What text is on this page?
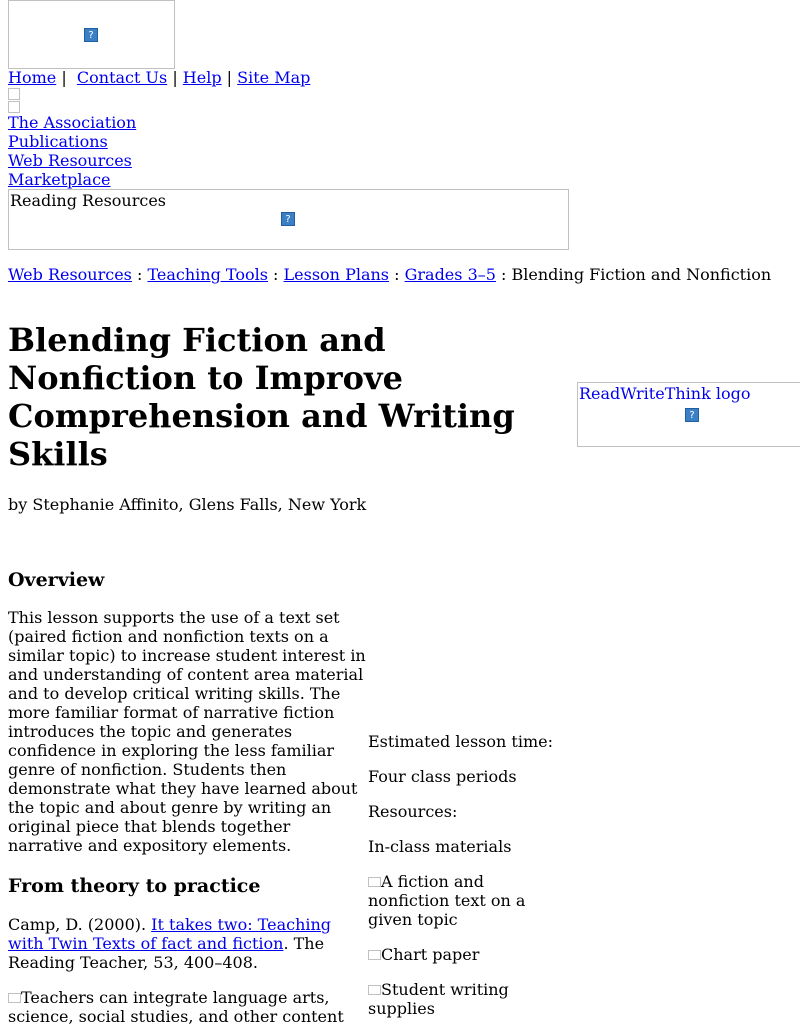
?
Home | Contact Us | Help | Site Map
The Association
Publications
Web Resources
Marketplace
Reading Resources
?
Web Resources : Teaching Tools : Lesson Plans : Grades 3–5 : Blending Fiction and Nonfiction
Blending Fiction and Nonfiction to Improve Comprehension and Writing Skills
ReadWriteThink logo
?

by Stephanie Affinito, Glens Falls, New York

Overview

This lesson supports the use of a text set (paired fiction and nonfiction texts on a similar topic) to increase student interest in and understanding of content area material and to develop critical writing skills. The more familiar format of narrative fiction introduces the topic and generates confidence in exploring the less familiar genre of nonfiction. Students then demonstrate what they have learned about the topic and about genre by writing an original piece that blends together narrative and expository elements.

From theory to practice

Camp, D. (2000). It takes two: Teaching with Twin Texts of fact and fiction. The Reading Teacher, 53, 400–408.

Teachers can integrate language arts, science, social studies, and other content

Estimated lesson time:

Four class periods

Resources:

In-class materials

A fiction and nonfiction text on a given topic

Chart paper

Student writing supplies
